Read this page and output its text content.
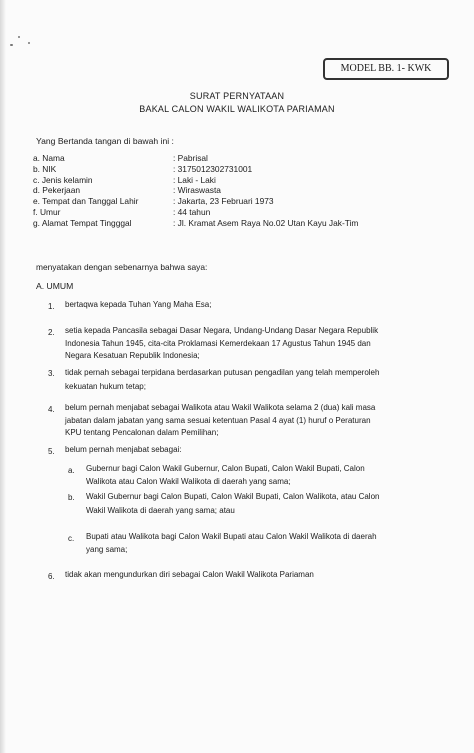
MODEL BB. 1- KWK
SURAT PERNYATAAN
BAKAL CALON WAKIL WALIKOTA PARIAMAN
Yang Bertanda tangan di bawah ini :
a. Nama	: Pabrisal
b. NIK	: 3175012302731001
c. Jenis kelamin	: Laki - Laki
d. Pekerjaan	: Wiraswasta
e. Tempat dan Tanggal Lahir	: Jakarta, 23 Februari 1973
f. Umur	: 44 tahun
g. Alamat Tempat Tingggal	: Jl. Kramat Asem Raya No.02 Utan Kayu Jak-Tim
menyatakan dengan sebenarnya bahwa saya:
A. UMUM
1. bertaqwa kepada Tuhan Yang Maha Esa;
2. setia kepada Pancasila sebagai Dasar Negara, Undang-Undang Dasar Negara Republik
Indonesia Tahun 1945, cita-cita Proklamasi Kemerdekaan 17 Agustus Tahun 1945 dan
Negara Kesatuan Republik Indonesia;
3. tidak pernah sebagai terpidana berdasarkan putusan pengadilan yang telah memperoleh
kekuatan hukum tetap;
4. belum pernah menjabat sebagai Walikota atau Wakil Walikota selama 2 (dua) kali masa
jabatan dalam jabatan yang sama sesuai ketentuan Pasal 4 ayat (1) huruf o Peraturan
KPU tentang Pencalonan dalam Pemilihan;
5. belum pernah menjabat sebagai:
a. Gubernur bagi Calon Wakil Gubernur, Calon Bupati, Calon Wakil Bupati, Calon
Walikota atau Calon Wakil Walikota di daerah yang sama;
b. Wakil Gubernur bagi Calon Bupati, Calon Wakil Bupati, Calon Walikota, atau Calon
Wakil Walikota di daerah yang sama; atau
c. Bupati atau Walikota bagi Calon Wakil Bupati atau Calon Wakil Walikota di daerah
yang sama;
6. tidak akan mengundurkan diri sebagai Calon Wakil Walikota Pariaman
